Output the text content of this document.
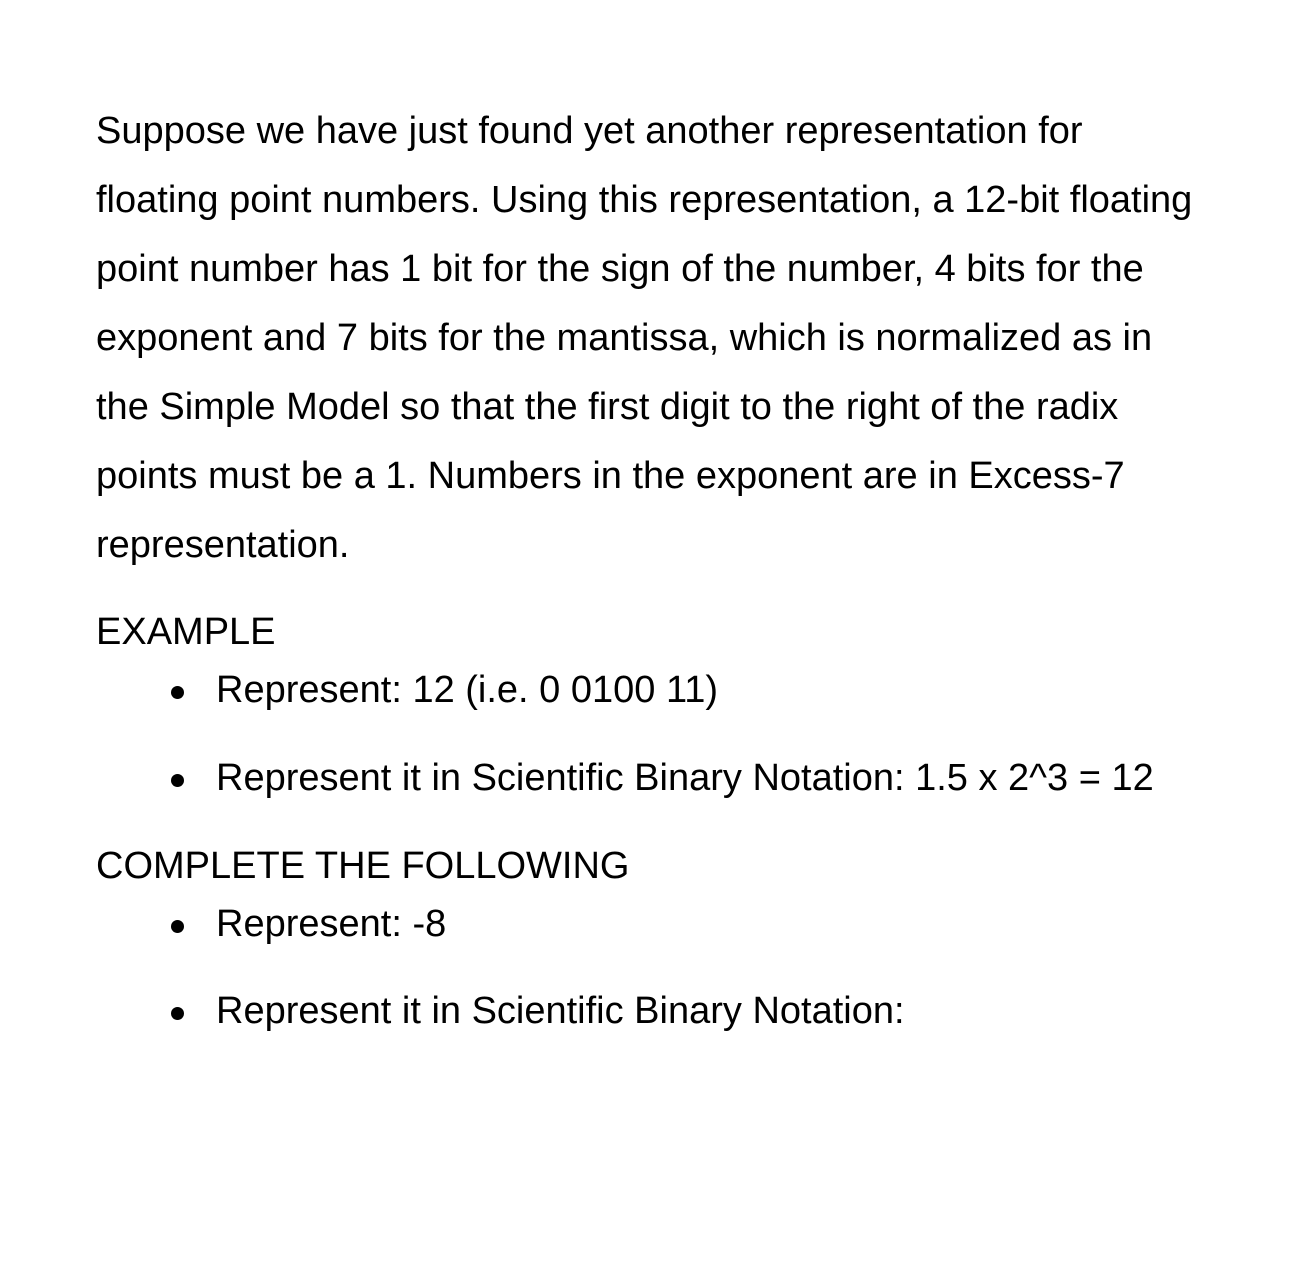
Suppose we have just found yet another representation for floating point numbers. Using this representation, a 12-bit floating point number has 1 bit for the sign of the number, 4 bits for the exponent and 7 bits for the mantissa, which is normalized as in the Simple Model so that the first digit to the right of the radix points must be a 1. Numbers in the exponent are in Excess-7 representation.

EXAMPLE
Represent: 12 (i.e. 0 0100 11)
Represent it in Scientific Binary Notation: 1.5 x 2^3 = 12
COMPLETE THE FOLLOWING
Represent: -8
Represent it in Scientific Binary Notation:
